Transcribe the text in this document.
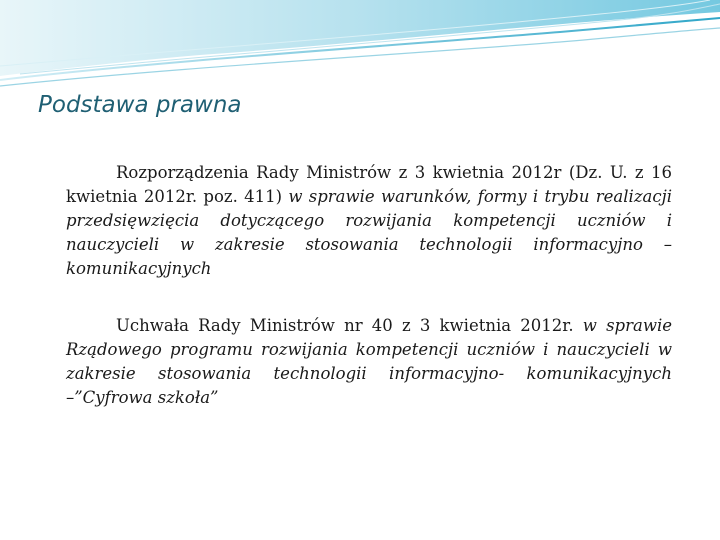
Podstawa prawna

Rozporządzenia Rady Ministrów z 3 kwietnia 2012r (Dz. U. z 16 kwietnia 2012r. poz. 411) w sprawie warunków, formy i trybu realizacji przedsięwzięcia dotyczącego rozwijania kompetencji uczniów i nauczycieli w zakresie stosowania technologii informacyjno – komunikacyjnych

Uchwała Rady Ministrów nr 40 z 3 kwietnia 2012r. w sprawie Rządowego programu rozwijania kompetencji uczniów i nauczycieli w zakresie stosowania technologii informacyjno- komunikacyjnych –”Cyfrowa szkoła”
